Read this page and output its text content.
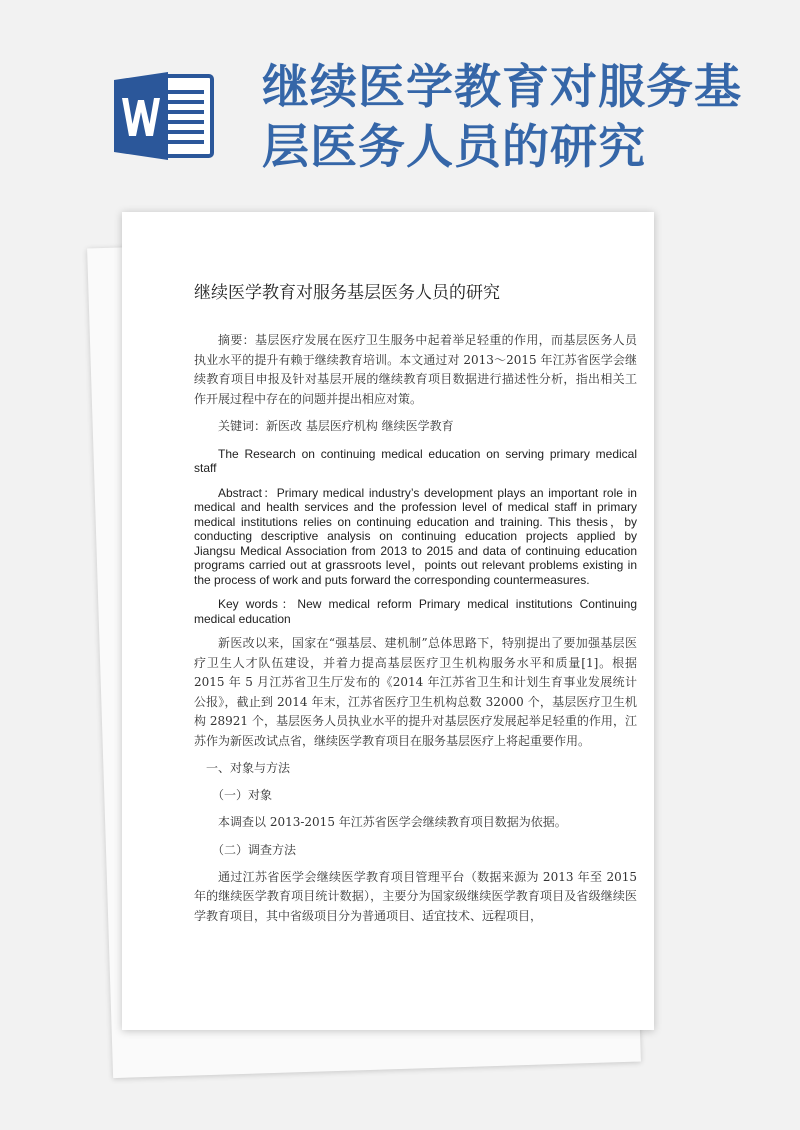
继续医学教育对服务基层医务人员的研究
继续医学教育对服务基层医务人员的研究

摘要：基层医疗发展在医疗卫生服务中起着举足轻重的作用，而基层医务人员执业水平的提升有赖于继续教育培训。本文通过对 2013～2015 年江苏省医学会继续教育项目申报及针对基层开展的继续教育项目数据进行描述性分析，指出相关工作开展过程中存在的问题并提出相应对策。

关键词：新医改 基层医疗机构 继续医学教育

The Research on continuing medical education on serving primary medical staff

Abstract：Primary medical industry’s development plays an important role in medical and health services and the profession level of medical staff in primary medical institutions relies on continuing education and training. This thesis，by conducting descriptive analysis on continuing education projects applied by Jiangsu Medical Association from 2013 to 2015 and data of continuing education programs carried out at grassroots level，points out relevant problems existing in the process of work and puts forward the corresponding countermeasures.

Key words：New medical reform Primary medical institutions Continuing medical education

新医改以来，国家在“强基层、建机制”总体思路下，特别提出了要加强基层医疗卫生人才队伍建设，并着力提高基层医疗卫生机构服务水平和质量[1]。根据 2015 年 5 月江苏省卫生厅发布的《2014 年江苏省卫生和计划生育事业发展统计公报》，截止到 2014 年末，江苏省医疗卫生机构总数 32000 个，基层医疗卫生机构 28921 个，基层医务人员执业水平的提升对基层医疗发展起举足轻重的作用，江苏作为新医改试点省，继续医学教育项目在服务基层医疗上将起重要作用。

一、对象与方法

（一）对象

本调查以 2013-2015 年江苏省医学会继续教育项目数据为依据。

（二）调查方法

通过江苏省医学会继续医学教育项目管理平台（数据来源为 2013 年至 2015 年的继续医学教育项目统计数据），主要分为国家级继续医学教育项目及省级继续医学教育项目，其中省级项目分为普通项目、适宜技术、远程项目，
